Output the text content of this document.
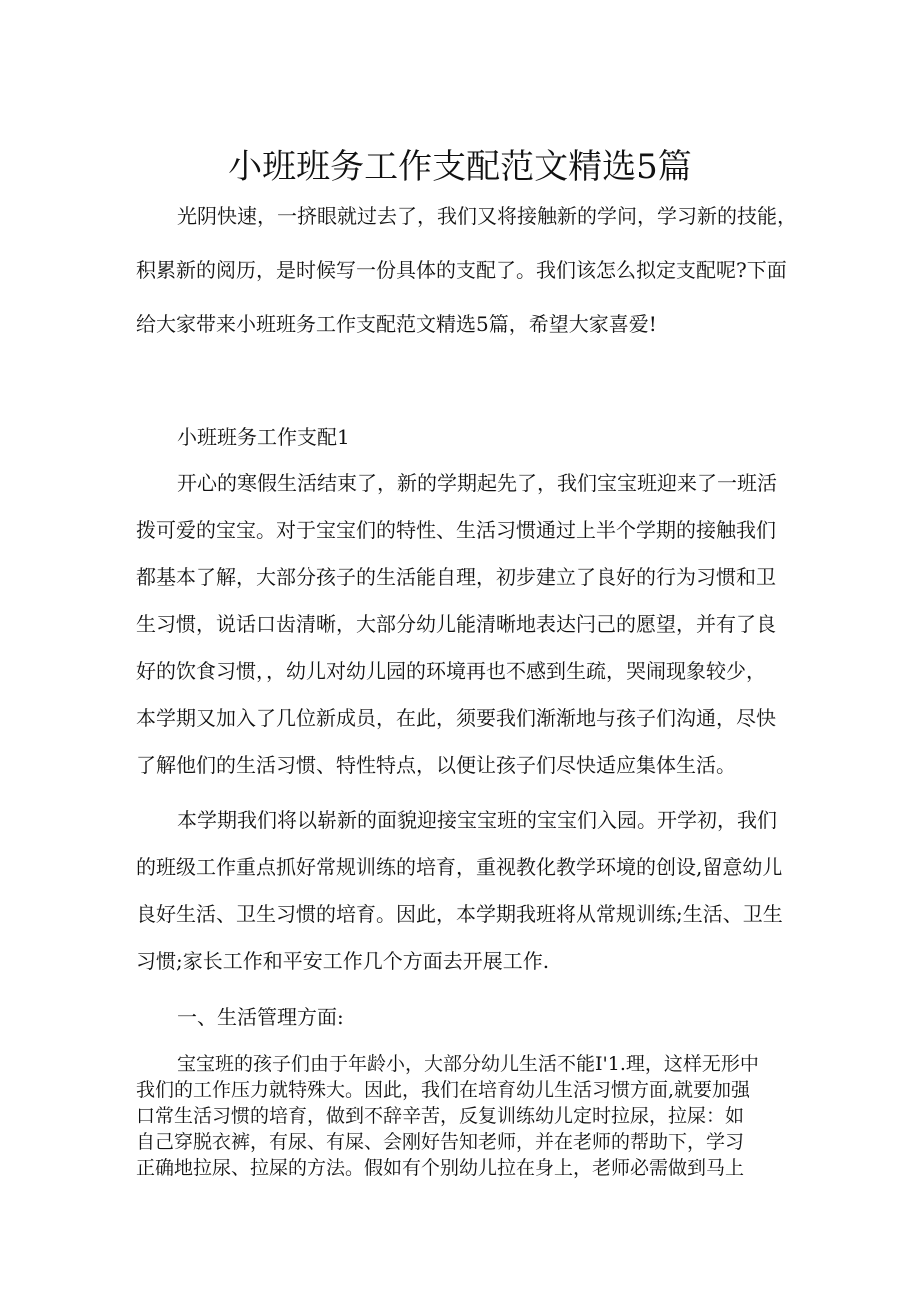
小班班务工作支配范文精选5篇

光阴快速，一挤眼就过去了，我们又将接触新的学问，学习新的技能，

积累新的阅历，是时候写一份具体的支配了。我们该怎么拟定支配呢?下面

给大家带来小班班务工作支配范文精选5篇，希望大家喜爱!

小班班务工作支配1

开心的寒假生活结束了，新的学期起先了，我们宝宝班迎来了一班活

拨可爱的宝宝。对于宝宝们的特性、生活习惯通过上半个学期的接触我们

都基本了解，大部分孩子的生活能自理，初步建立了良好的行为习惯和卫

生习惯，说话口齿清晰，大部分幼儿能清晰地表达闩己的愿望，并有了良

好的饮食习惯，，幼儿对幼儿园的环境再也不感到生疏，哭闹现象较少，

本学期又加入了几位新成员，在此，须要我们渐渐地与孩子们沟通，尽快

了解他们的生活习惯、特性特点，以便让孩子们尽快适应集体生活。

本学期我们将以崭新的面貌迎接宝宝班的宝宝们入园。开学初，我们

的班级工作重点抓好常规训练的培育，重视教化教学环境的创设,留意幼儿

良好生活、卫生习惯的培育。因此，本学期我班将从常规训练;生活、卫生

习惯;家长工作和平安工作几个方面去开展工作.

一、生活管理方面:

宝宝班的孩子们由于年龄小，大部分幼儿生活不能I'1.理，这样无形中

我们的工作压力就特殊大。因此，我们在培育幼儿生活习惯方面,就要加强

口常生活习惯的培育，做到不辞辛苦，反复训练幼儿定时拉尿，拉屎：如

自己穿脱衣裤，有尿、有屎、会刚好告知老师，并在老师的帮助下，学习

正确地拉尿、拉屎的方法。假如有个别幼儿拉在身上，老师必需做到马上
